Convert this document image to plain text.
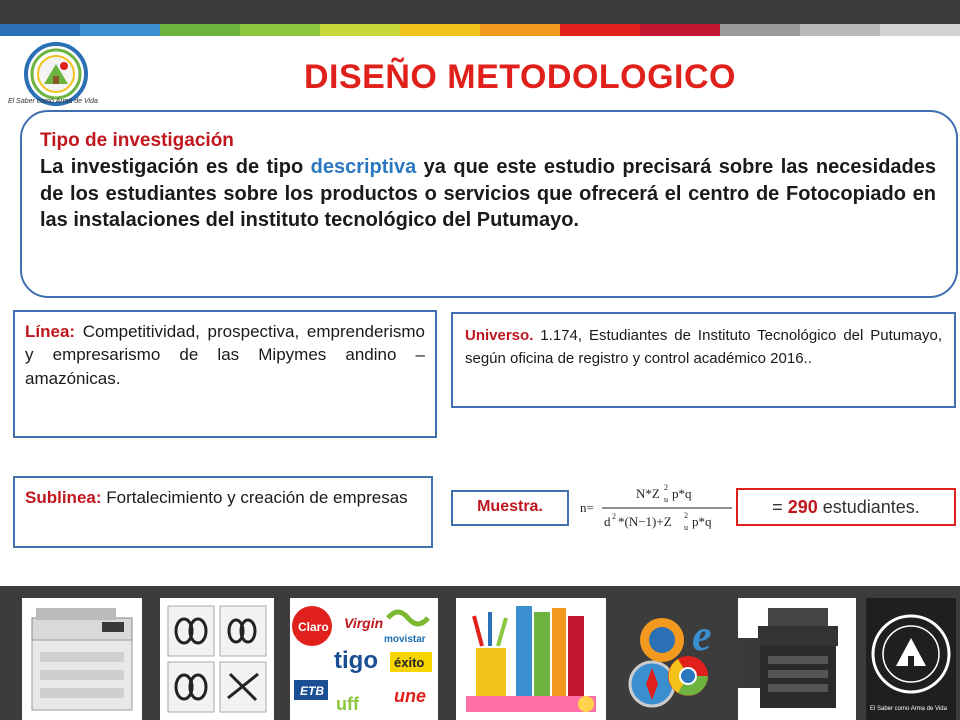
El Saber como Arma de Vida
DISEÑO METODOLOGICO
Tipo de investigación
La investigación es de tipo descriptiva ya que este estudio precisará sobre las necesidades de los estudiantes sobre los productos o servicios que ofrecerá el centro de Fotocopiado en las instalaciones del instituto tecnológico del Putumayo.
Línea: Competitividad, prospectiva, emprenderismo y empresarismo de las Mipymes andino –amazónicas.
Universo. 1.174, Estudiantes de Instituto Tecnológico del Putumayo, según oficina de registro y control académico 2016..
Sublinea: Fortalecimiento y creación de empresas	Muestra.	n=
N*Z 2
u p*q
d 2 *(N−1)+Z 2
u p*q
= 290 estudiantes.
Claro Virgin
movistar
tigo
ETB
éxito
uff une
e
El Saber como Arma de Vida
